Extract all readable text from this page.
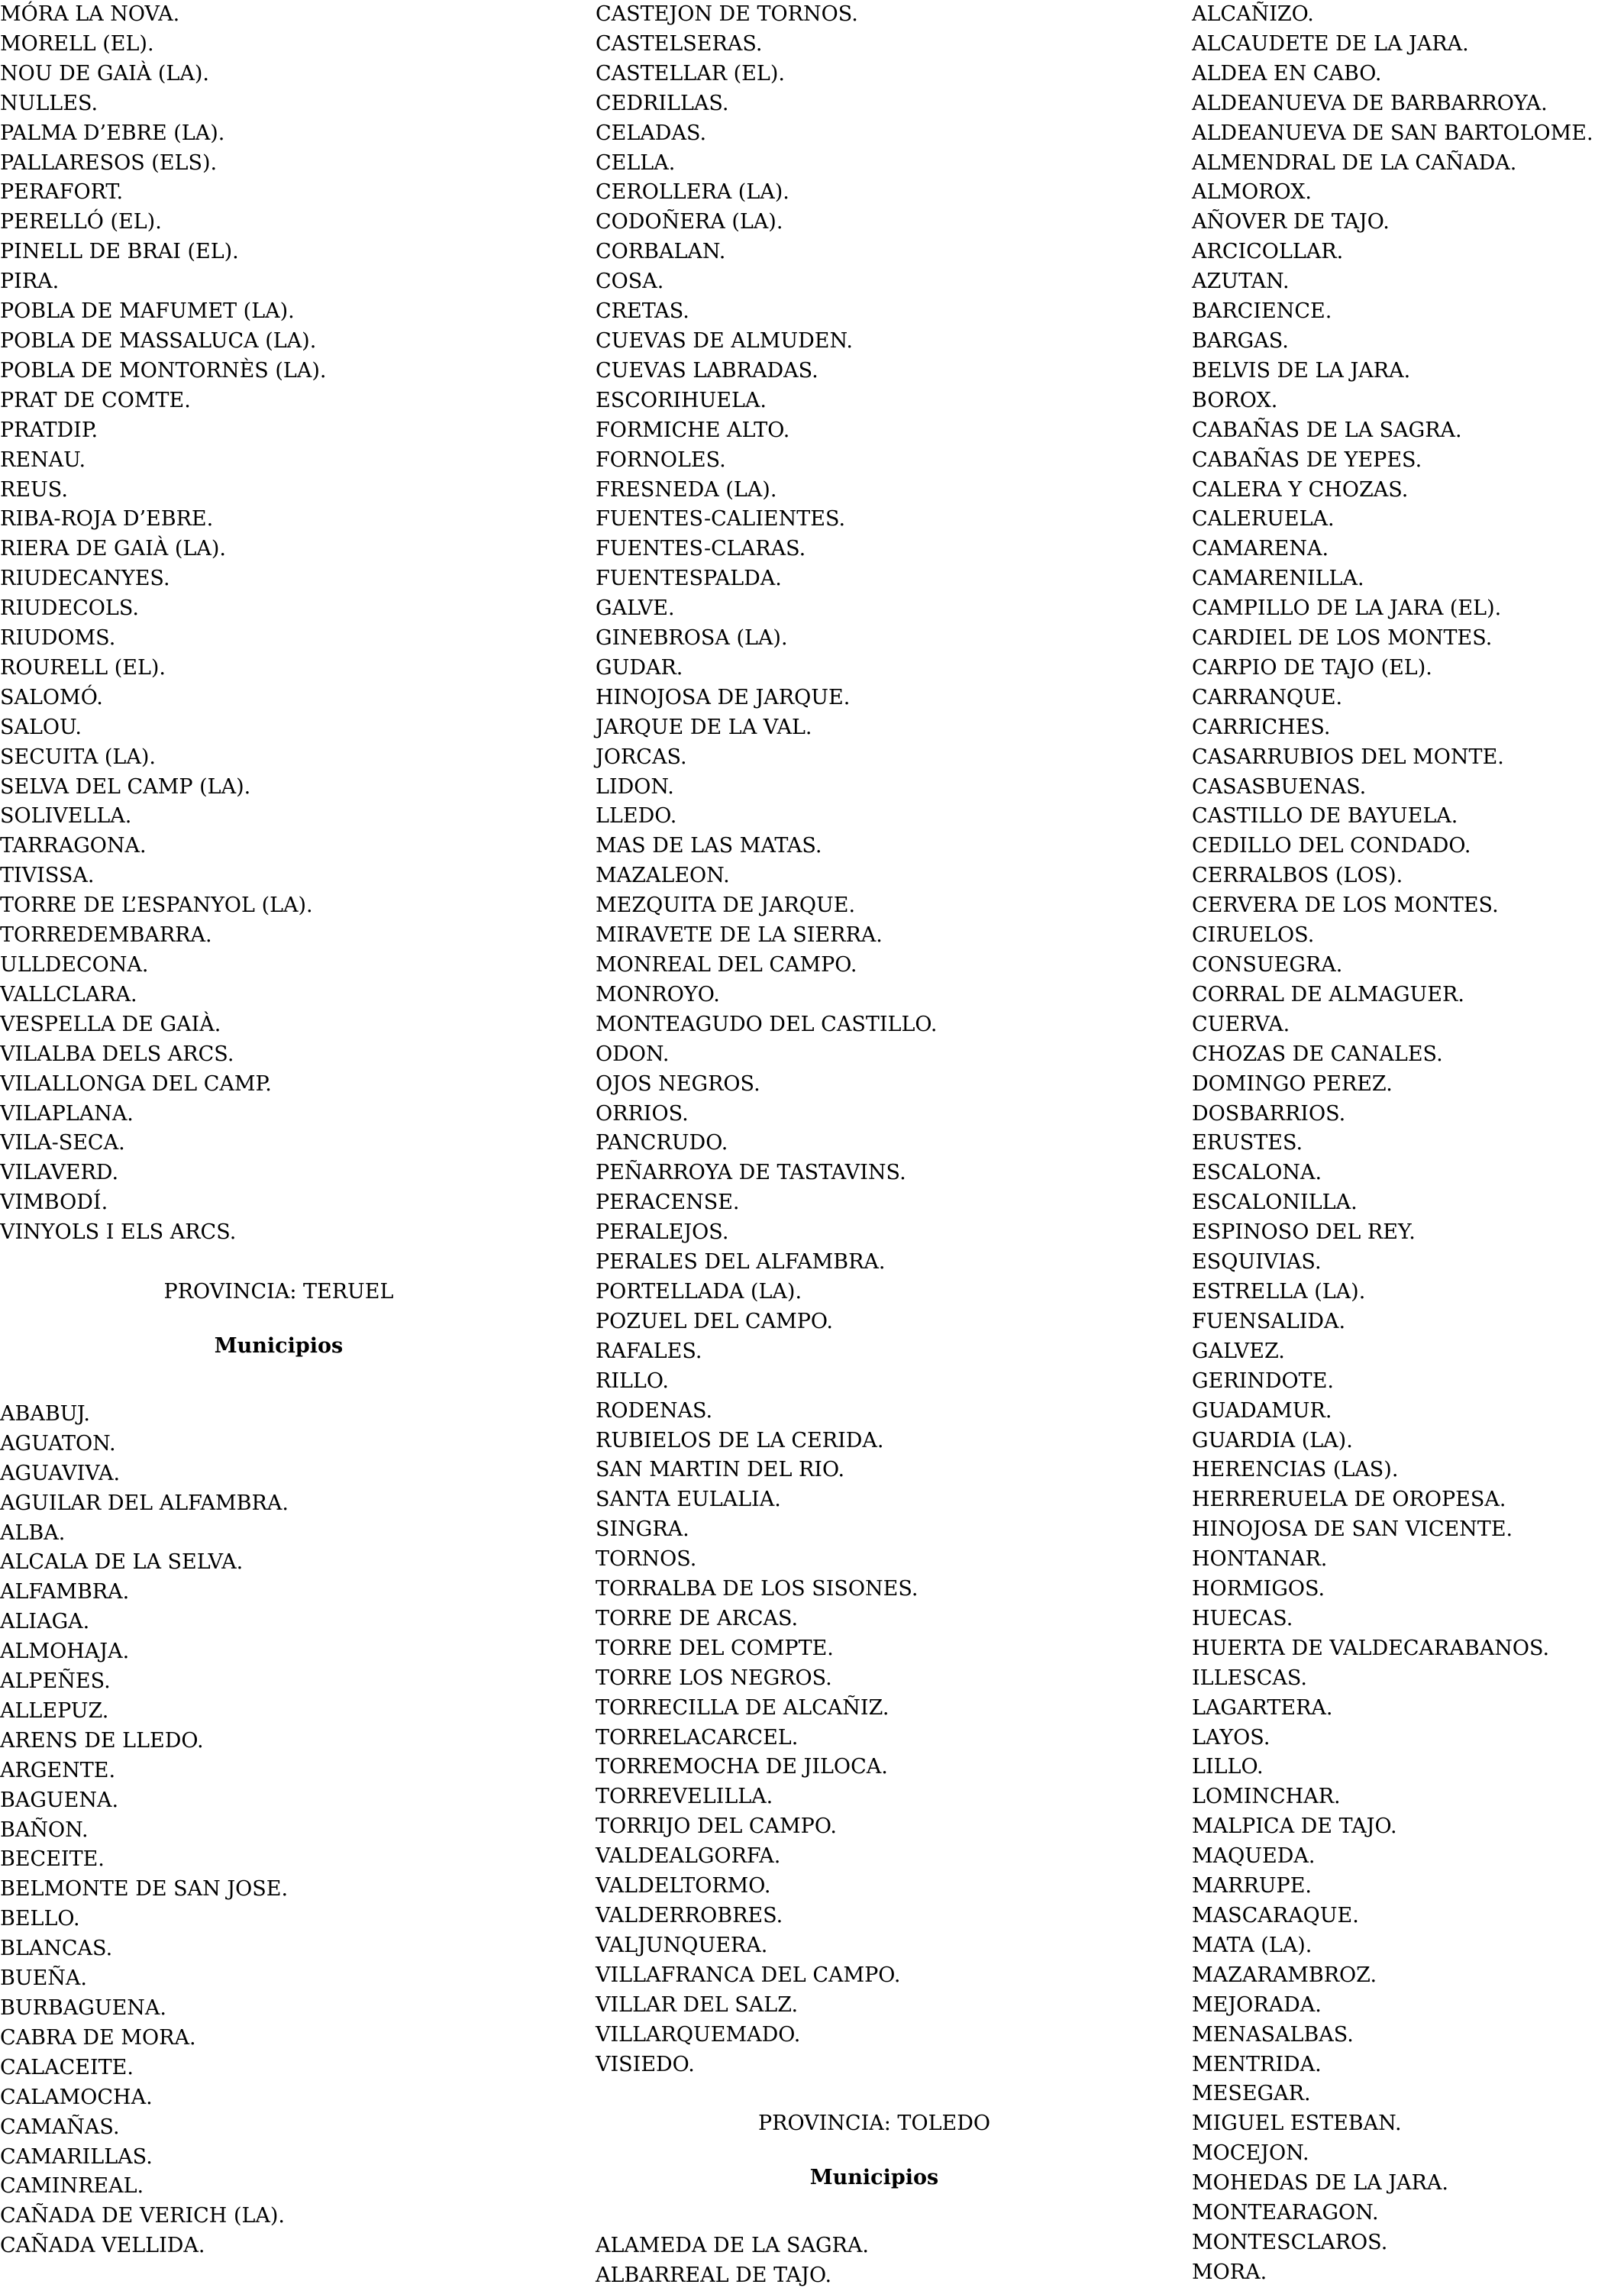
MÓRA LA NOVA.
MORELL (EL).
NOU DE GAIÀ (LA).
NULLES.
PALMA D’EBRE (LA).
PALLARESOS (ELS).
PERAFORT.
PERELLÓ (EL).
PINELL DE BRAI (EL).
PIRA.
POBLA DE MAFUMET (LA).
POBLA DE MASSALUCA (LA).
POBLA DE MONTORNÈS (LA).
PRAT DE COMTE.
PRATDIP.
RENAU.
REUS.
RIBA-ROJA D’EBRE.
RIERA DE GAIÀ (LA).
RIUDECANYES.
RIUDECOLS.
RIUDOMS.
ROURELL (EL).
SALOMÓ.
SALOU.
SECUITA (LA).
SELVA DEL CAMP (LA).
SOLIVELLA.
TARRAGONA.
TIVISSA.
TORRE DE L’ESPANYOL (LA).
TORREDEMBARRA.
ULLDECONA.
VALLCLARA.
VESPELLA DE GAIÀ.
VILALBA DELS ARCS.
VILALLONGA DEL CAMP.
VILAPLANA.
VILA-SECA.
VILAVERD.
VIMBODÍ.
VINYOLS I ELS ARCS.
PROVINCIA: TERUEL
Municipios
ABABUJ.
AGUATON.
AGUAVIVA.
AGUILAR DEL ALFAMBRA.
ALBA.
ALCALA DE LA SELVA.
ALFAMBRA.
ALIAGA.
ALMOHAJA.
ALPEÑES.
ALLEPUZ.
ARENS DE LLEDO.
ARGENTE.
BAGUENA.
BAÑON.
BECEITE.
BELMONTE DE SAN JOSE.
BELLO.
BLANCAS.
BUEÑA.
BURBAGUENA.
CABRA DE MORA.
CALACEITE.
CALAMOCHA.
CAMAÑAS.
CAMARILLAS.
CAMINREAL.
CAÑADA DE VERICH (LA).
CAÑADA VELLIDA.
CASTEJON DE TORNOS.
CASTELSERAS.
CASTELLAR (EL).
CEDRILLAS.
CELADAS.
CELLA.
CEROLLERA (LA).
CODOÑERA (LA).
CORBALAN.
COSA.
CRETAS.
CUEVAS DE ALMUDEN.
CUEVAS LABRADAS.
ESCORIHUELA.
FORMICHE ALTO.
FORNOLES.
FRESNEDA (LA).
FUENTES-CALIENTES.
FUENTES-CLARAS.
FUENTESPALDA.
GALVE.
GINEBROSA (LA).
GUDAR.
HINOJOSA DE JARQUE.
JARQUE DE LA VAL.
JORCAS.
LIDON.
LLEDO.
MAS DE LAS MATAS.
MAZALEON.
MEZQUITA DE JARQUE.
MIRAVETE DE LA SIERRA.
MONREAL DEL CAMPO.
MONROYO.
MONTEAGUDO DEL CASTILLO.
ODON.
OJOS NEGROS.
ORRIOS.
PANCRUDO.
PEÑARROYA DE TASTAVINS.
PERACENSE.
PERALEJOS.
PERALES DEL ALFAMBRA.
PORTELLADA (LA).
POZUEL DEL CAMPO.
RAFALES.
RILLO.
RODENAS.
RUBIELOS DE LA CERIDA.
SAN MARTIN DEL RIO.
SANTA EULALIA.
SINGRA.
TORNOS.
TORRALBA DE LOS SISONES.
TORRE DE ARCAS.
TORRE DEL COMPTE.
TORRE LOS NEGROS.
TORRECILLA DE ALCAÑIZ.
TORRELACARCEL.
TORREMOCHA DE JILOCA.
TORREVELILLA.
TORRIJO DEL CAMPO.
VALDEALGORFA.
VALDELTORMO.
VALDERROBRES.
VALJUNQUERA.
VILLAFRANCA DEL CAMPO.
VILLAR DEL SALZ.
VILLARQUEMADO.
VISIEDO.
PROVINCIA: TOLEDO
Municipios
ALAMEDA DE LA SAGRA.
ALBARREAL DE TAJO.
ALCAÑIZO.
ALCAUDETE DE LA JARA.
ALDEA EN CABO.
ALDEANUEVA DE BARBARROYA.
ALDEANUEVA DE SAN BARTOLOME.
ALMENDRAL DE LA CAÑADA.
ALMOROX.
AÑOVER DE TAJO.
ARCICOLLAR.
AZUTAN.
BARCIENCE.
BARGAS.
BELVIS DE LA JARA.
BOROX.
CABAÑAS DE LA SAGRA.
CABAÑAS DE YEPES.
CALERA Y CHOZAS.
CALERUELA.
CAMARENA.
CAMARENILLA.
CAMPILLO DE LA JARA (EL).
CARDIEL DE LOS MONTES.
CARPIO DE TAJO (EL).
CARRANQUE.
CARRICHES.
CASARRUBIOS DEL MONTE.
CASASBUENAS.
CASTILLO DE BAYUELA.
CEDILLO DEL CONDADO.
CERRALBOS (LOS).
CERVERA DE LOS MONTES.
CIRUELOS.
CONSUEGRA.
CORRAL DE ALMAGUER.
CUERVA.
CHOZAS DE CANALES.
DOMINGO PEREZ.
DOSBARRIOS.
ERUSTES.
ESCALONA.
ESCALONILLA.
ESPINOSO DEL REY.
ESQUIVIAS.
ESTRELLA (LA).
FUENSALIDA.
GALVEZ.
GERINDOTE.
GUADAMUR.
GUARDIA (LA).
HERENCIAS (LAS).
HERRERUELA DE OROPESA.
HINOJOSA DE SAN VICENTE.
HONTANAR.
HORMIGOS.
HUECAS.
HUERTA DE VALDECARABANOS.
ILLESCAS.
LAGARTERA.
LAYOS.
LILLO.
LOMINCHAR.
MALPICA DE TAJO.
MAQUEDA.
MARRUPE.
MASCARAQUE.
MATA (LA).
MAZARAMBROZ.
MEJORADA.
MENASALBAS.
MENTRIDA.
MESEGAR.
MIGUEL ESTEBAN.
MOCEJON.
MOHEDAS DE LA JARA.
MONTEARAGON.
MONTESCLAROS.
MORA.
